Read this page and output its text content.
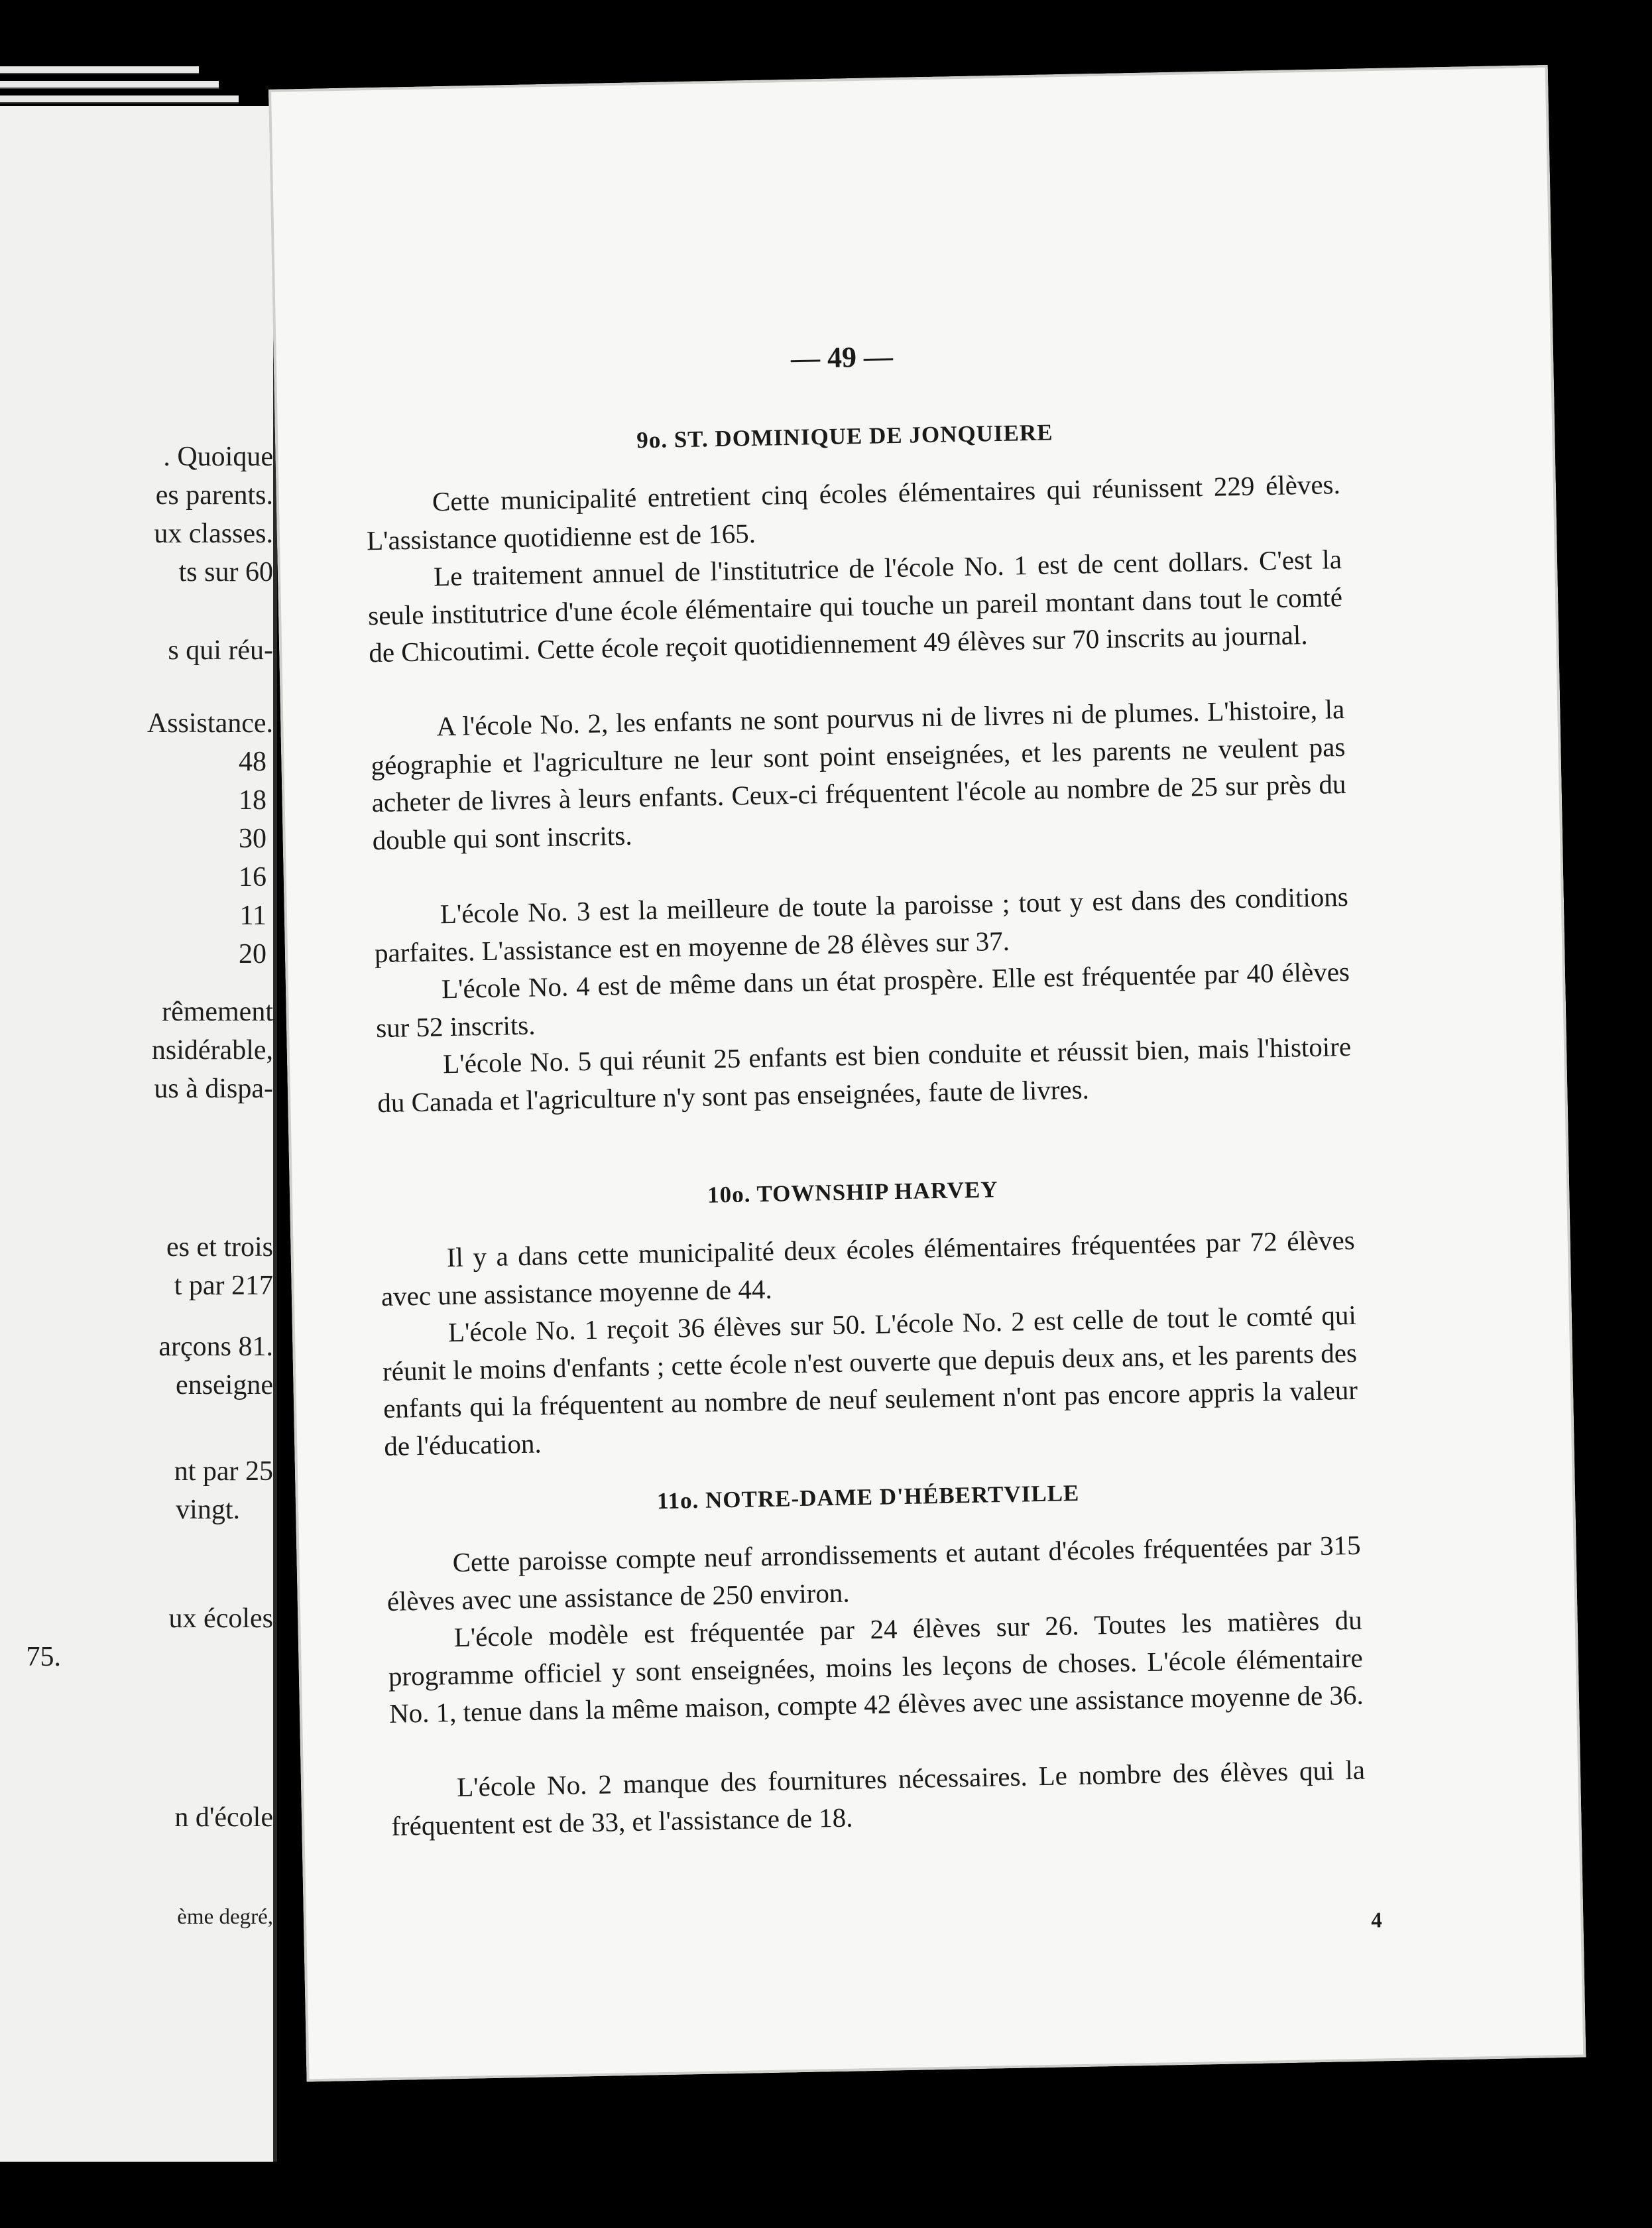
. Quoique
es parents.
ux classes.
ts sur 60
s qui réu-
Assistance.
48
18
30
16
11
20
rêmement
nsidérable,
us à dispa-
es et trois
t par 217
arçons 81.
enseigne
nt par 25
vingt.
ux écoles
75.
n d'école
ème degré,
— 49 —
9o. ST. DOMINIQUE DE JONQUIERE
Cette municipalité entretient cinq écoles élémentaires qui réunissent 229 élèves. L'assistance quotidienne est de 165.
Le traitement annuel de l'institutrice de l'école No. 1 est de cent dollars. C'est la seule institutrice d'une école élémentaire qui touche un pareil montant dans tout le comté de Chicoutimi. Cette école reçoit quotidiennement 49 élèves sur 70 inscrits au journal.
A l'école No. 2, les enfants ne sont pourvus ni de livres ni de plumes. L'histoire, la géographie et l'agriculture ne leur sont point enseignées, et les parents ne veulent pas acheter de livres à leurs enfants. Ceux-ci fréquentent l'école au nombre de 25 sur près du double qui sont inscrits.
L'école No. 3 est la meilleure de toute la paroisse ; tout y est dans des conditions parfaites. L'assistance est en moyenne de 28 élèves sur 37.
L'école No. 4 est de même dans un état prospère. Elle est fréquentée par 40 élèves sur 52 inscrits.
L'école No. 5 qui réunit 25 enfants est bien conduite et réussit bien, mais l'histoire du Canada et l'agriculture n'y sont pas enseignées, faute de livres.
10o. TOWNSHIP HARVEY
Il y a dans cette municipalité deux écoles élémentaires fréquentées par 72 élèves avec une assistance moyenne de 44.
L'école No. 1 reçoit 36 élèves sur 50. L'école No. 2 est celle de tout le comté qui réunit le moins d'enfants ; cette école n'est ouverte que depuis deux ans, et les parents des enfants qui la fréquentent au nombre de neuf seulement n'ont pas encore appris la valeur de l'éducation.
11o. NOTRE-DAME D'HÉBERTVILLE
Cette paroisse compte neuf arrondissements et autant d'écoles fréquentées par 315 élèves avec une assistance de 250 environ.
L'école modèle est fréquentée par 24 élèves sur 26. Toutes les matières du programme officiel y sont enseignées, moins les leçons de choses. L'école élémentaire No. 1, tenue dans la même maison, compte 42 élèves avec une assistance moyenne de 36.
L'école No. 2 manque des fournitures nécessaires. Le nombre des élèves qui la fréquentent est de 33, et l'assistance de 18.
4
